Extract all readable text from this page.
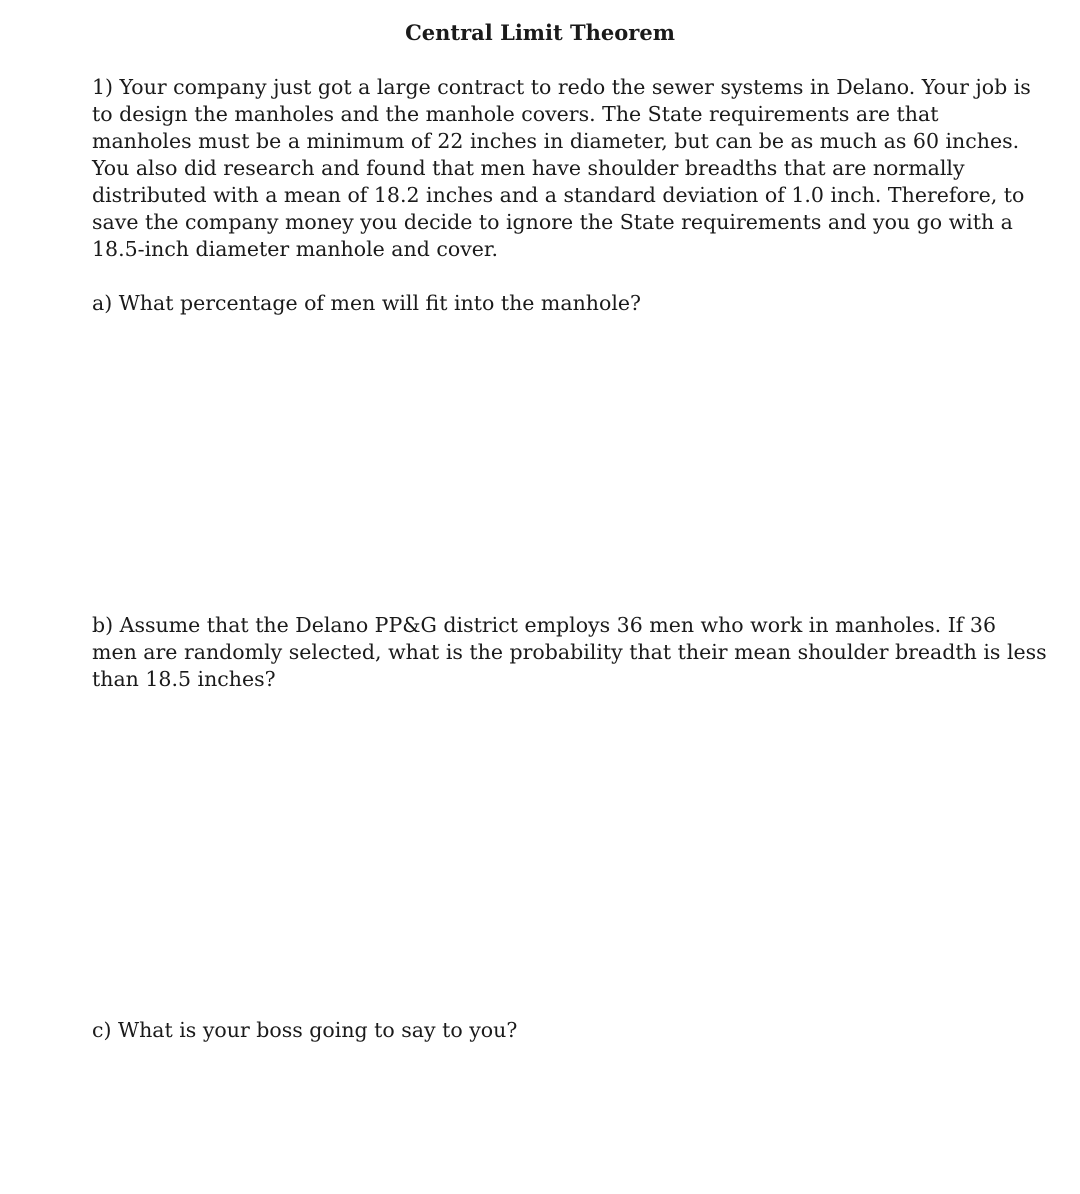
Central Limit Theorem

1) Your company just got a large contract to redo the sewer systems in Delano. Your job is
to design the manholes and the manhole covers. The State requirements are that
manholes must be a minimum of 22 inches in diameter, but can be as much as 60 inches.
You also did research and found that men have shoulder breadths that are normally
distributed with a mean of 18.2 inches and a standard deviation of 1.0 inch. Therefore, to
save the company money you decide to ignore the State requirements and you go with a
18.5-inch diameter manhole and cover.

a) What percentage of men will fit into the manhole?

b) Assume that the Delano PP&G district employs 36 men who work in manholes. If 36
men are randomly selected, what is the probability that their mean shoulder breadth is less
than 18.5 inches?

c) What is your boss going to say to you?
